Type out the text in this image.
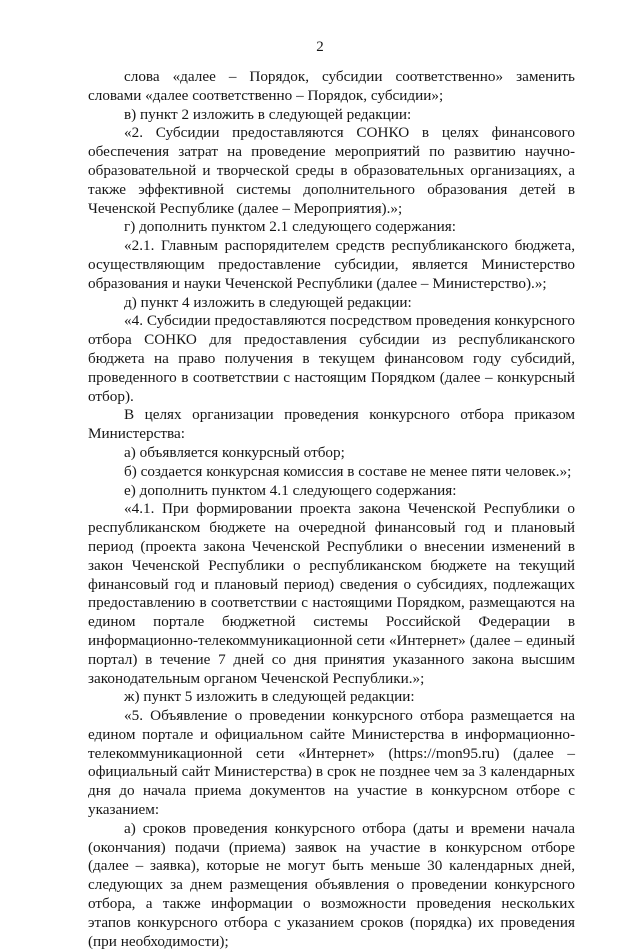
2

слова «далее – Порядок, субсидии соответственно» заменить словами «далее соответственно – Порядок, субсидии»;

в) пункт 2 изложить в следующей редакции:

«2. Субсидии предоставляются СОНКО в целях финансового обеспечения затрат на проведение мероприятий по развитию научно-образовательной и творческой среды в образовательных организациях, а также эффективной системы дополнительного образования детей в Чеченской Республике (далее – Мероприятия).»;

г) дополнить пунктом 2.1 следующего содержания:

«2.1. Главным распорядителем средств республиканского бюджета, осуществляющим предоставление субсидии, является Министерство образования и науки Чеченской Республики (далее – Министерство).»;

д) пункт 4 изложить в следующей редакции:

«4. Субсидии предоставляются посредством проведения конкурсного отбора СОНКО для предоставления субсидии из республиканского бюджета на право получения в текущем финансовом году субсидий, проведенного в соответствии с настоящим Порядком (далее – конкурсный отбор).

В целях организации проведения конкурсного отбора приказом Министерства:

а) объявляется конкурсный отбор;

б) создается конкурсная комиссия в составе не менее пяти человек.»;

е) дополнить пунктом 4.1 следующего содержания:

«4.1. При формировании проекта закона Чеченской Республики о республиканском бюджете на очередной финансовый год и плановый период (проекта закона Чеченской Республики о внесении изменений в закон Чеченской Республики о республиканском бюджете на текущий финансовый год и плановый период) сведения о субсидиях, подлежащих предоставлению в соответствии с настоящими Порядком, размещаются на едином портале бюджетной системы Российской Федерации в информационно-телекоммуникационной сети «Интернет» (далее – единый портал) в течение 7 дней со дня принятия указанного закона высшим законодательным органом Чеченской Республики.»;

ж) пункт 5 изложить в следующей редакции:

«5. Объявление о проведении конкурсного отбора размещается на едином портале и официальном сайте Министерства в информационно-телекоммуникационной сети «Интернет» (https://mon95.ru) (далее – официальный сайт Министерства) в срок не позднее чем за 3 календарных дня до начала приема документов на участие в конкурсном отборе с указанием:

а) сроков проведения конкурсного отбора (даты и времени начала (окончания) подачи (приема) заявок на участие в конкурсном отборе (далее – заявка), которые не могут быть меньше 30 календарных дней, следующих за днем размещения объявления о проведении конкурсного отбора, а также информации о возможности проведения нескольких этапов конкурсного отбора с указанием сроков (порядка) их проведения (при необходимости);
